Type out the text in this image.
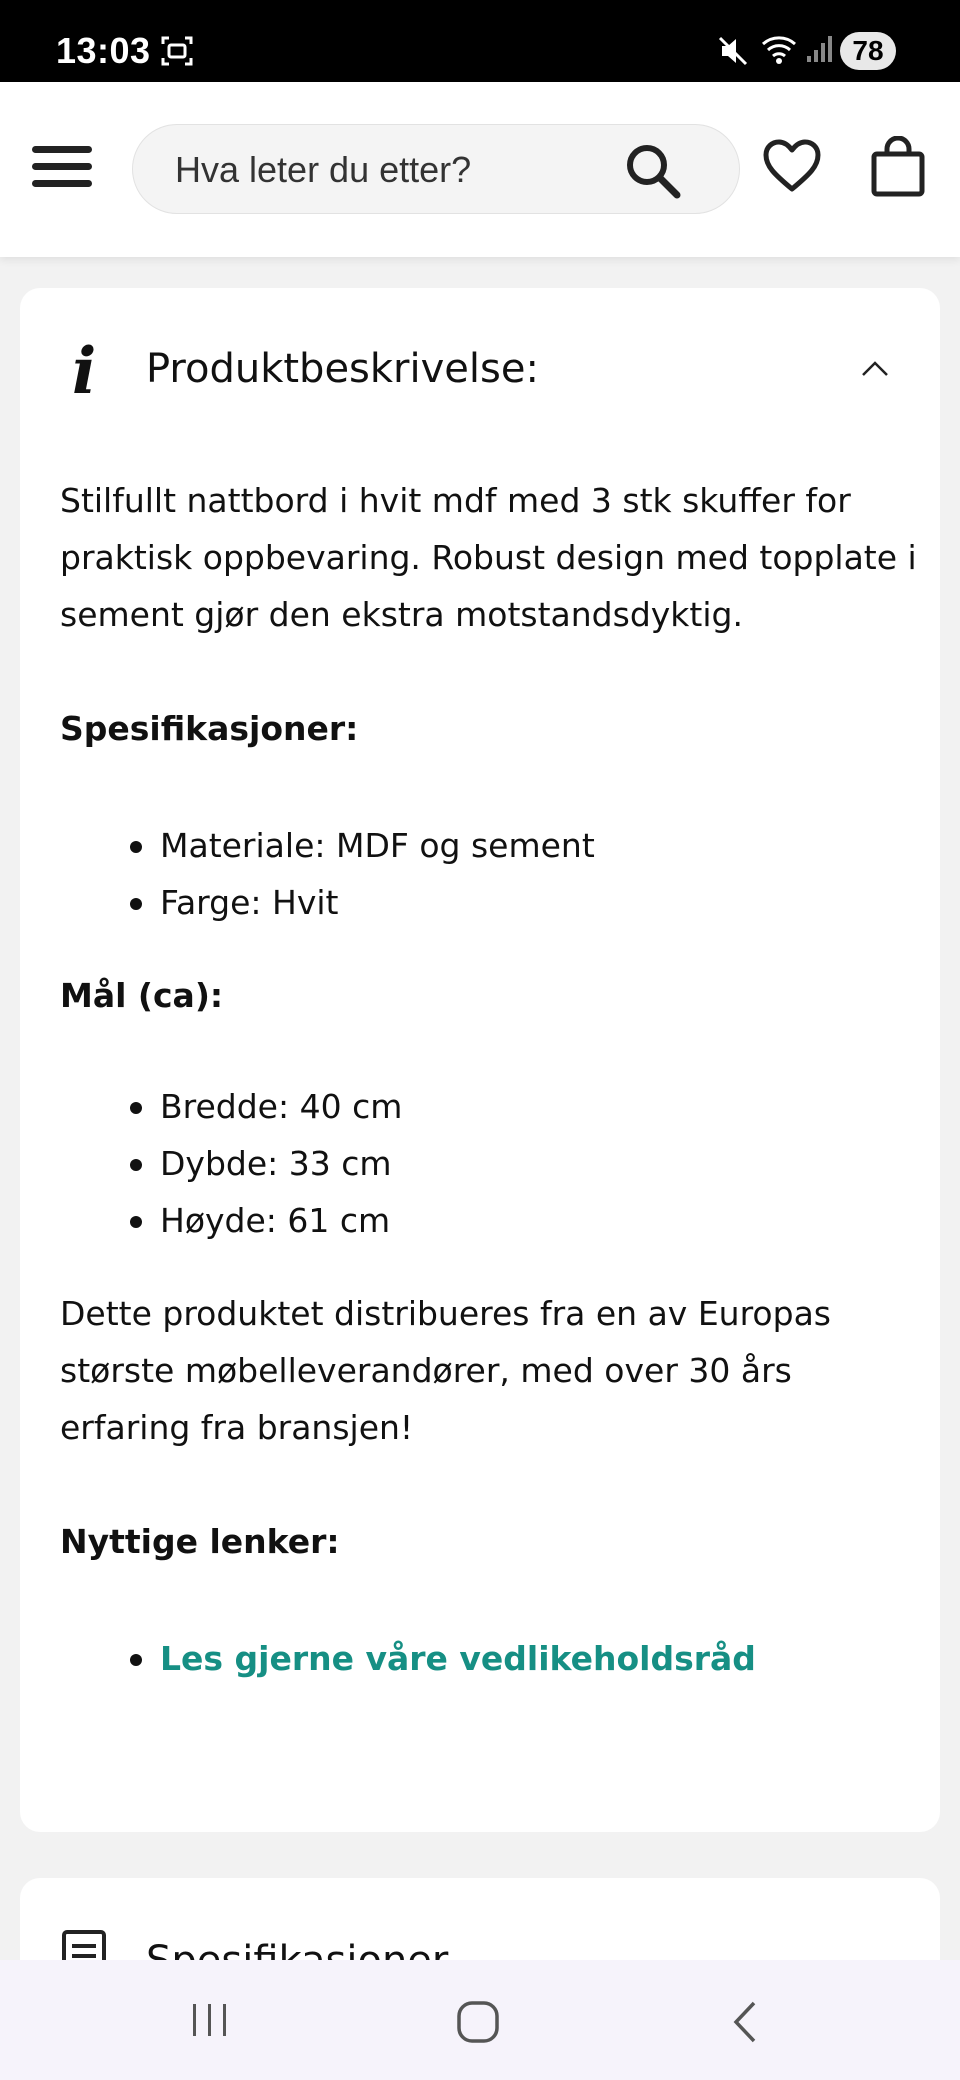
13:03	78
Hva leter du etter?
i Produktbeskrivelse:

Stilfullt nattbord i hvit mdf med 3 stk skuffer for praktisk oppbevaring. Robust design med topplate i sement gjør den ekstra motstandsdyktig.

Spesifikasjoner:

Materiale: MDF og sement
Farge: Hvit

Mål (ca):

Bredde: 40 cm
Dybde: 33 cm
Høyde: 61 cm

Dette produktet distribueres fra en av Europas største møbelleverandører, med over 30 års erfaring fra bransjen!

Nyttige lenker:

Les gjerne våre vedlikeholdsråd
